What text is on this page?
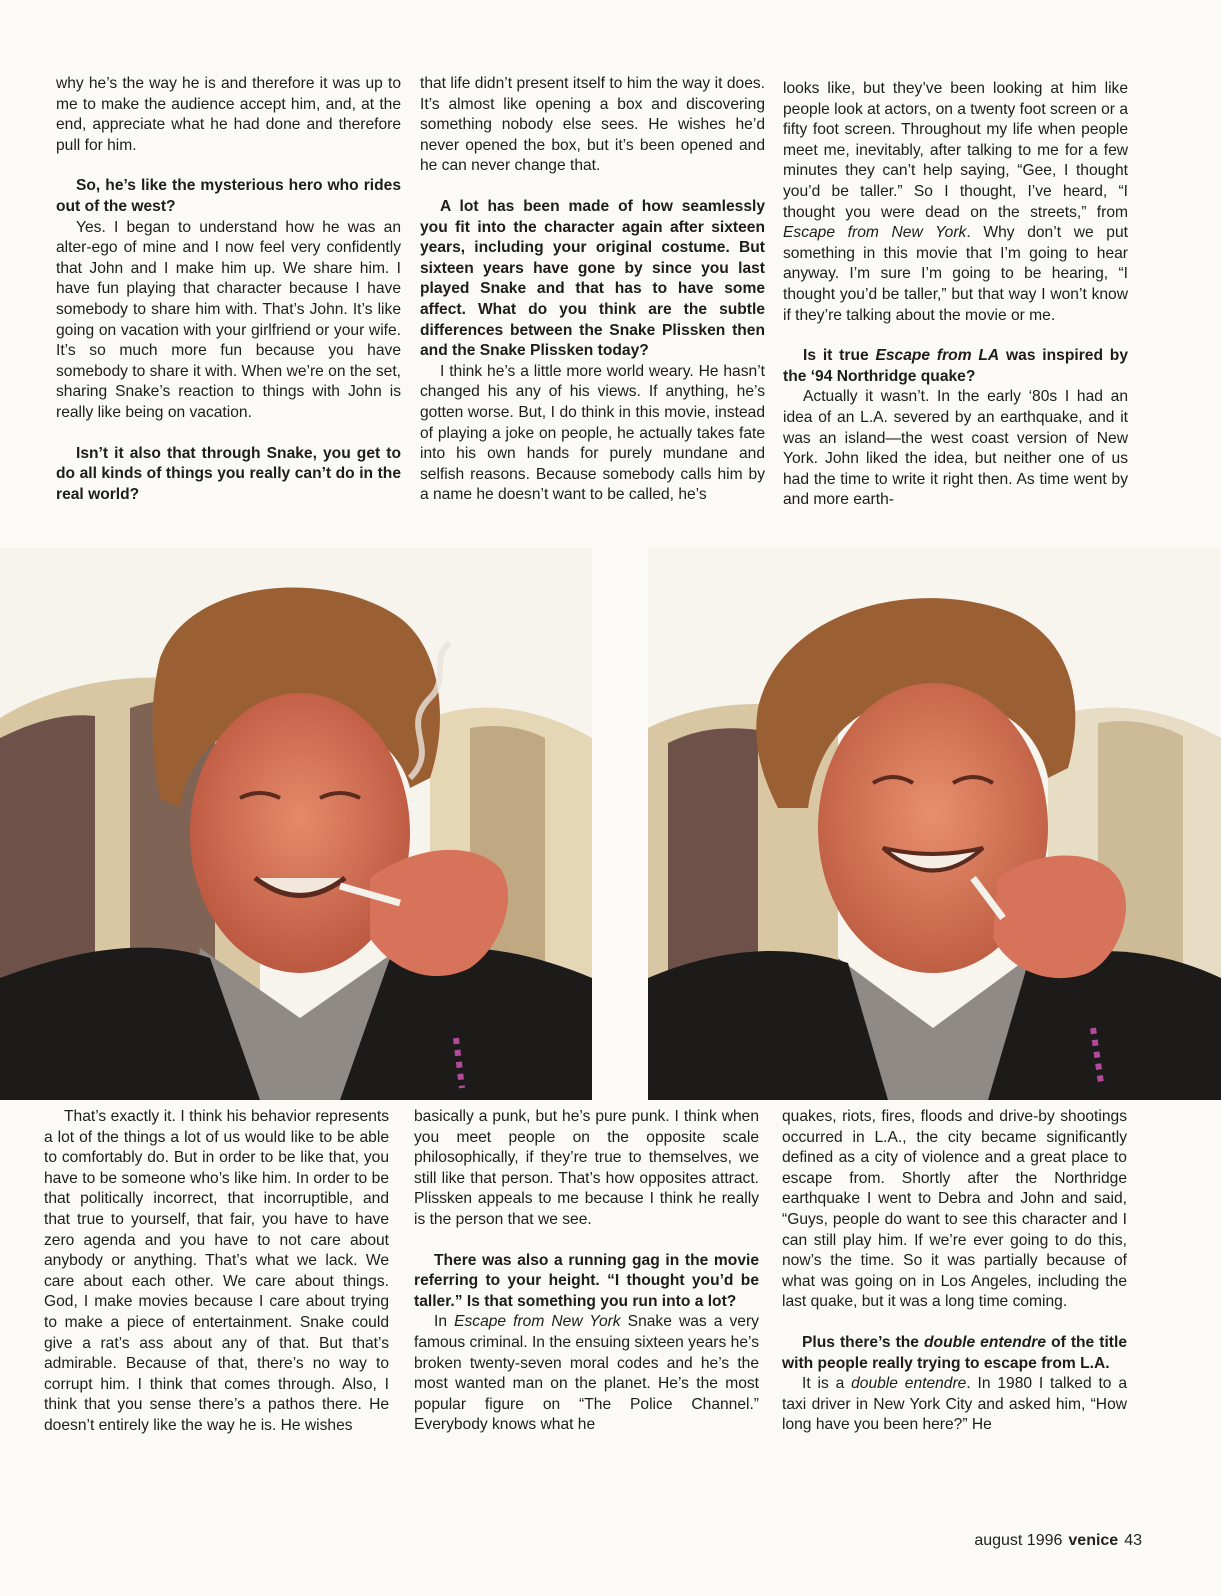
why he’s the way he is and therefore it was up to me to make the audience accept him, and, at the end, appreciate what he had done and therefore pull for him.

So, he’s like the mysterious hero who rides out of the west?

Yes. I began to understand how he was an alter-ego of mine and I now feel very confidently that John and I make him up. We share him. I have fun playing that character because I have somebody to share him with. That’s John. It’s like going on vacation with your girlfriend or your wife. It’s so much more fun because you have somebody to share it with. When we’re on the set, sharing Snake’s reaction to things with John is really like being on vacation.

Isn’t it also that through Snake, you get to do all kinds of things you really can’t do in the real world?

that life didn’t present itself to him the way it does. It’s almost like opening a box and discovering something nobody else sees. He wishes he’d never opened the box, but it’s been opened and he can never change that.

A lot has been made of how seamlessly you fit into the character again after sixteen years, including your original costume. But sixteen years have gone by since you last played Snake and that has to have some affect. What do you think are the subtle differences between the Snake Plissken then and the Snake Plissken today?

I think he’s a little more world weary. He hasn’t changed his any of his views. If anything, he’s gotten worse. But, I do think in this movie, instead of playing a joke on people, he actually takes fate into his own hands for purely mundane and selfish reasons. Because somebody calls him by a name he doesn’t want to be called, he’s

looks like, but they’ve been looking at him like people look at actors, on a twenty foot screen or a fifty foot screen. Throughout my life when people meet me, inevitably, after talking to me for a few minutes they can’t help saying, “Gee, I thought you’d be taller.” So I thought, I’ve heard, “I thought you were dead on the streets,” from Escape from New York. Why don’t we put something in this movie that I’m going to hear anyway. I’m sure I’m going to be hearing, “I thought you’d be taller,” but that way I won’t know if they’re talking about the movie or me.

Is it true Escape from LA was inspired by the ‘94 Northridge quake?

Actually it wasn’t. In the early ‘80s I had an idea of an L.A. severed by an earthquake, and it was an island—the west coast version of New York. John liked the idea, but neither one of us had the time to write it right then. As time went by and more earth-

That’s exactly it. I think his behavior represents a lot of the things a lot of us would like to be able to comfortably do. But in order to be like that, you have to be someone who’s like him. In order to be that politically incorrect, that incorruptible, and that true to yourself, that fair, you have to have zero agenda and you have to not care about anybody or anything. That’s what we lack. We care about each other. We care about things. God, I make movies because I care about trying to make a piece of entertainment. Snake could give a rat’s ass about any of that. But that’s admirable. Because of that, there’s no way to corrupt him. I think that comes through. Also, I think that you sense there’s a pathos there. He doesn’t entirely like the way he is. He wishes

basically a punk, but he’s pure punk. I think when you meet people on the opposite scale philosophically, if they’re true to themselves, we still like that person. That’s how opposites attract. Plissken appeals to me because I think he really is the person that we see.

There was also a running gag in the movie referring to your height. “I thought you’d be taller.” Is that something you run into a lot?

In Escape from New York Snake was a very famous criminal. In the ensuing sixteen years he’s broken twenty-seven moral codes and he’s the most wanted man on the planet. He’s the most popular figure on “The Police Channel.” Everybody knows what he

quakes, riots, fires, floods and drive-by shootings occurred in L.A., the city became significantly defined as a city of violence and a great place to escape from. Shortly after the Northridge earthquake I went to Debra and John and said, “Guys, people do want to see this character and I can still play him. If we’re ever going to do this, now’s the time. So it was partially because of what was going on in Los Angeles, including the last quake, but it was a long time coming.

Plus there’s the double entendre of the title with people really trying to escape from L.A.

It is a double entendre. In 1980 I talked to a taxi driver in New York City and asked him, “How long have you been here?” He

august 1996 venice 43
